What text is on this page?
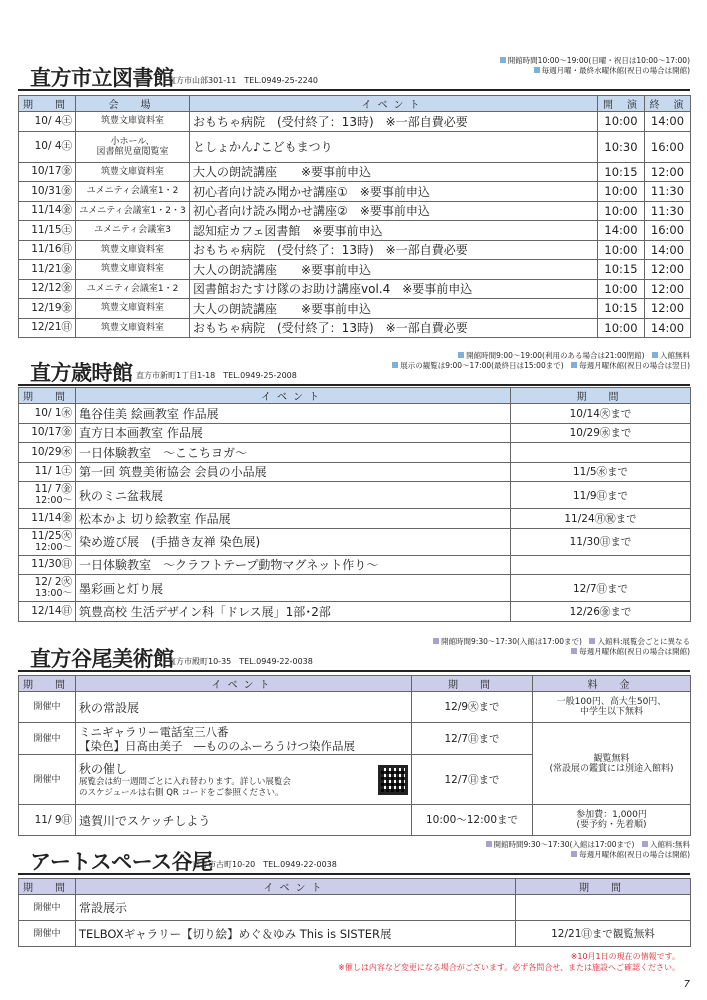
直方市立図書館
直方市山部301-11　TEL.0949-25-2240
開館時間10:00～19:00(日曜・祝日は10:00～17:00)
毎週月曜・最終水曜休館(祝日の場合は開館)
期　間	会　場	イベント	開　演	終　演
10/ 4㊏	筑豊文庫資料室	おもちゃ病院　(受付終了：13時)　※一部自費必要	10:00	14:00
10/ 4㊏	小ホール、
図書館児童閲覧室	としょかん♪こどもまつり	10:30	16:00
10/17㊎	筑豊文庫資料室	大人の朗読講座　　※要事前申込	10:15	12:00
10/31㊎	ユメニティ会議室1・2	初心者向け読み聞かせ講座①　※要事前申込	10:00	11:30
11/14㊎	ユメニティ会議室1・2・3	初心者向け読み聞かせ講座②　※要事前申込	10:00	11:30
11/15㊏	ユメニティ会議室3	認知症カフェ図書館　※要事前申込	14:00	16:00
11/16㊐	筑豊文庫資料室	おもちゃ病院　(受付終了：13時)　※一部自費必要	10:00	14:00
11/21㊎	筑豊文庫資料室	大人の朗読講座　　※要事前申込	10:15	12:00
12/12㊎	ユメニティ会議室1・2	図書館おたすけ隊のお助け講座vol.4　※要事前申込	10:00	12:00
12/19㊎	筑豊文庫資料室	大人の朗読講座　　※要事前申込	10:15	12:00
12/21㊐	筑豊文庫資料室	おもちゃ病院　(受付終了：13時)　※一部自費必要	10:00	14:00
直方歳時館 直方市新町1丁目1-18　TEL.0949-25-2008
開館時間9:00～19:00(利用のある場合は21:00閉館)　 入館無料
展示の観覧は9:00～17:00(最終日は15:00まで)　 毎週月曜休館(祝日の場合は翌日)
期　間	イベント	期　間

10/ 1㊌	亀谷佳美 絵画教室 作品展	10/14㊋まで

10/17㊎	直方日本画教室 作品展	10/29㊌まで

10/29㊌	一日体験教室　～ここちヨガ～	

11/ 1㊏	第一回 筑豊美術協会 会員の小品展	11/5㊌まで

11/ 7㊎
12:00～	秋のミニ盆栽展	11/9㊐まで

11/14㊎	松本かよ 切り絵教室 作品展	11/24㊊㊗まで

11/25㊋
12:00～	染め遊び展　(手描き友禅 染色展)	11/30㊐まで

11/30㊐	一日体験教室　～クラフトテープ動物マグネット作り～	

12/ 2㊋
13:00～	墨彩画と灯り展	12/7㊐まで

12/14㊐	筑豊高校 生活デザイン科「ドレス展」1部･2部	12/26㊎まで
直方谷尾美術館
直方市殿町10-35　TEL.0949-22-0038
開館時間9:30～17:30(入館は17:00まで)　 入館料:展覧会ごとに異なる
毎週月曜休館(祝日の場合は開館)
期　間	イベント	期　間	料　金
開催中	秋の常設展	12/9㊋まで	一般100円、高大生50円、
中学生以下無料
開催中	ミニギャラリー電話室三八番
【染色】日髙由美子　―もののふーろうけつ染作品展	12/7㊐まで	観覧無料
(常設展の鑑賞には別途入館料)
開催中	秋の催し
展覧会は約一週間ごとに入れ替わります。詳しい展覧会
のスケジュールは右側 QR コードをご参照ください。	12/7㊐まで	
11/ 9㊐	遠賀川でスケッチしよう	10:00～12:00まで	参加費：1,000円
(要予約・先着順)
アートスペース谷尾
直方市古町10-20　TEL.0949-22-0038
開館時間9:30～17:30(入館は17:00まで)　 入館料:無料
毎週月曜休館(祝日の場合は開館)
期　間	イベント	期　間
開催中	常設展示	
開催中	TELBOXギャラリー【切り絵】めぐ＆ゆみ This is SISTER展	12/21㊐まで観覧無料
※10月1日の現在の情報です。
※催しは内容など変更になる場合がございます。必ず各問合せ、または施設へご確認ください。
7
